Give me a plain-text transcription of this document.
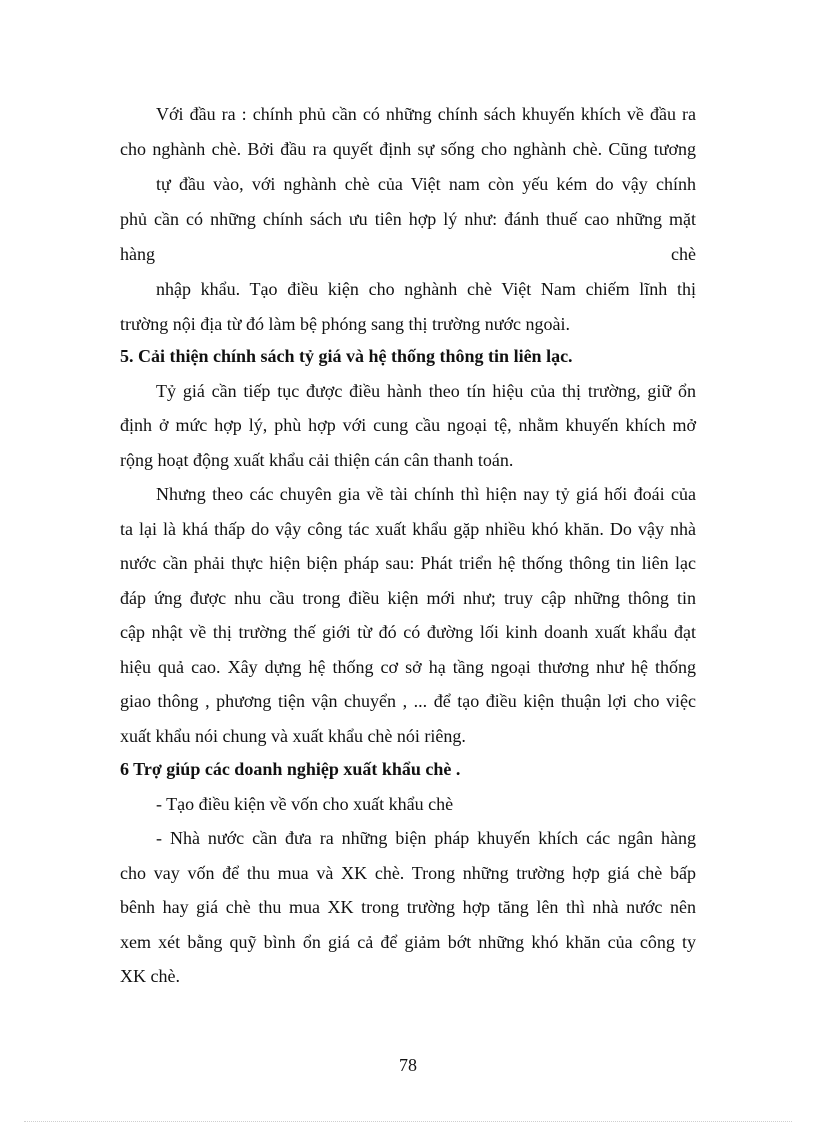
Với đầu ra : chính phủ cần có những chính sách khuyến khích về đầu ra
cho nghành chè. Bởi đầu ra quyết định sự sống cho nghành chè. Cũng tương
tự đầu vào, với nghành chè của Việt nam còn yếu kém do vậy chính
phủ cần có những chính sách ưu tiên hợp lý như: đánh thuế cao những mặt
hàng	chè
nhập khẩu. Tạo điều kiện cho nghành chè Việt Nam chiếm lĩnh thị
trường nội địa từ đó làm bệ phóng sang thị trường nước ngoài.
5. Cải thiện chính sách tỷ giá và hệ thống thông tin liên lạc.
Tỷ giá cần tiếp tục được điều hành theo tín hiệu của thị trường, giữ ổn
định ở mức hợp lý, phù hợp với cung cầu ngoại tệ, nhằm khuyến khích mở
rộng hoạt động xuất khẩu cải thiện cán cân thanh toán.
Nhưng theo các chuyên gia về tài chính thì hiện nay tỷ giá hối đoái của
ta lại là khá thấp do vậy công tác xuất khẩu gặp nhiều khó khăn. Do vậy nhà
nước cần phải thực hiện biện pháp sau: Phát triển hệ thống thông tin liên lạc
đáp ứng được nhu cầu trong điều kiện mới như; truy cập những thông tin
cập nhật về thị trường thế giới từ đó có đường lối kinh doanh xuất khẩu đạt
hiệu quả cao. Xây dựng hệ thống cơ sở hạ tầng ngoại thương như hệ thống
giao thông , phương tiện vận chuyển , ... để tạo điều kiện thuận lợi cho việc
xuất khẩu nói chung và xuất khẩu chè nói riêng.
6 Trợ giúp các doanh nghiệp xuất khẩu chè .
- Tạo điều kiện về vốn cho xuất khẩu chè
- Nhà nước cần đưa ra những biện pháp khuyến khích các ngân hàng
cho vay vốn để thu mua và XK chè. Trong những trường hợp giá chè bấp
bênh hay giá chè thu mua XK trong trường hợp tăng lên thì nhà nước nên
xem xét bằng quỹ bình ổn giá cả để giảm bớt những khó khăn của công ty
XK chè.
78
